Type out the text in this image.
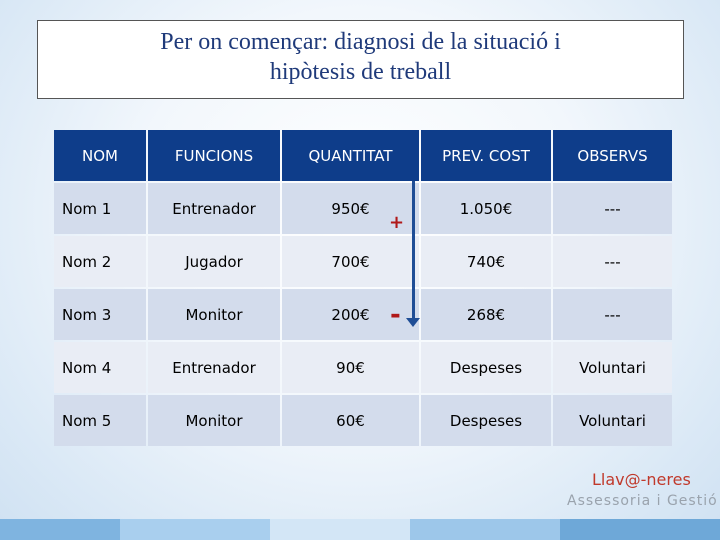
Per on començar: diagnosi de la situació i
hipòtesis de treball
NOM	FUNCIONS	QUANTITAT	PREV. COST	OBSERVS
Nom 1	Entrenador	950€	1.050€	---
Nom 2	Jugador	700€	740€	---
Nom 3	Monitor	200€	268€	---
Nom 4	Entrenador	90€	Despeses	Voluntari
Nom 5	Monitor	60€	Despeses	Voluntari
+
-
Llav@-neres
Assessoria i Gestió
